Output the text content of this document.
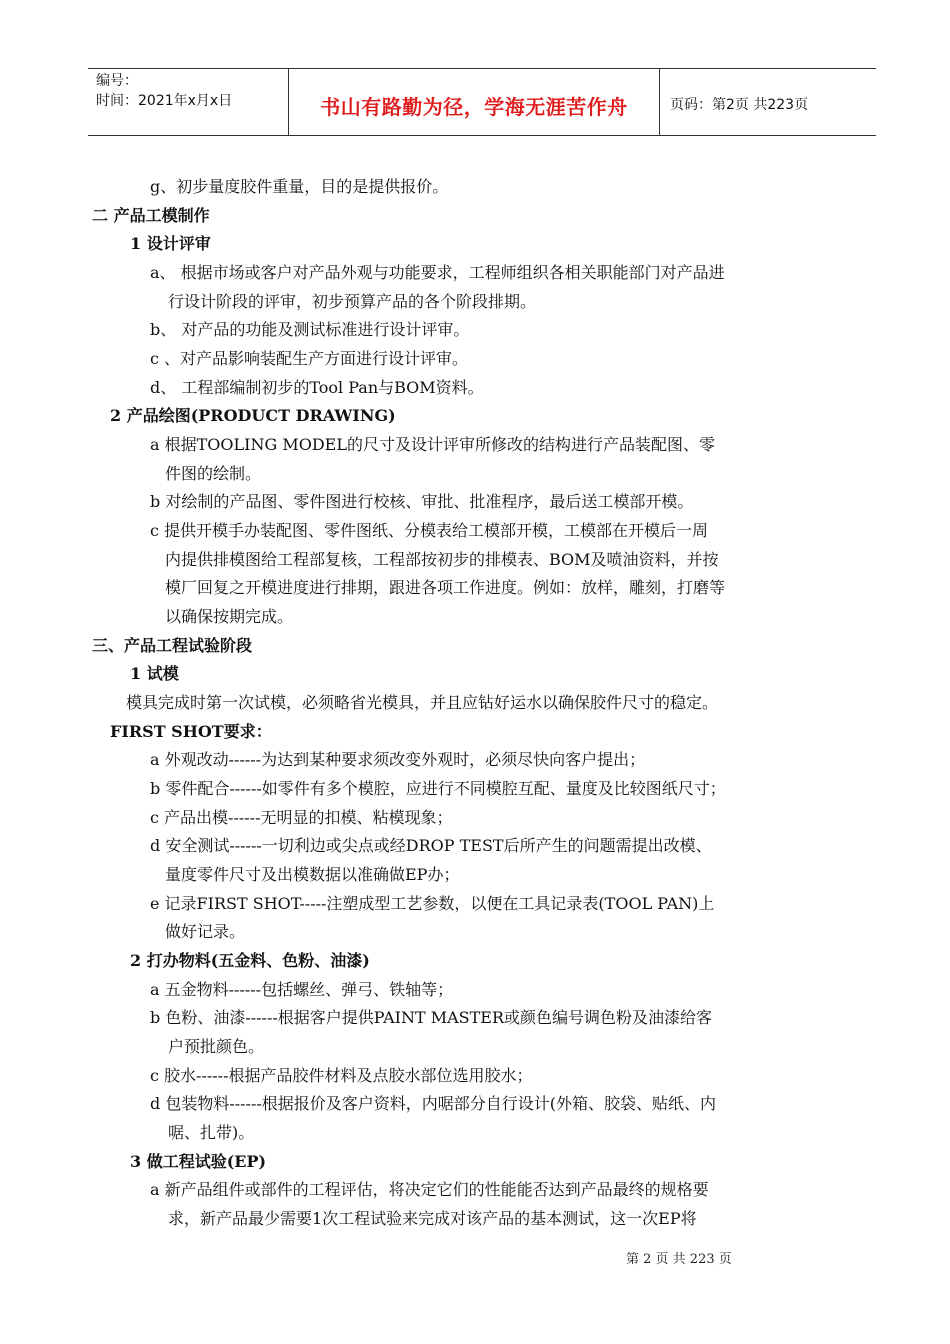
编号：
时间：2021年x月x日	书山有路勤为径，学海无涯苦作舟	页码：第2页 共223页
g、初步量度胶件重量，目的是提供报价。
二 产品工模制作
1 设计评审
a、 根据市场或客户对产品外观与功能要求，工程师组织各相关职能部门对产品进
行设计阶段的评审，初步预算产品的各个阶段排期。
b、 对产品的功能及测试标准进行设计评审。
c 、对产品影响装配生产方面进行设计评审。
d、 工程部编制初步的Tool Pan与BOM资料。
2 产品绘图(PRODUCT DRAWING)
a 根据TOOLING MODEL的尺寸及设计评审所修改的结构进行产品装配图、零
件图的绘制。
b 对绘制的产品图、零件图进行校核、审批、批准程序，最后送工模部开模。
c 提供开模手办装配图、零件图纸、分模表给工模部开模，工模部在开模后一周
内提供排模图给工程部复核，工程部按初步的排模表、BOM及喷油资料，并按
模厂回复之开模进度进行排期，跟进各项工作进度。例如：放样，雕刻，打磨等
以确保按期完成。
三、产品工程试验阶段
1 试模
模具完成时第一次试模，必须略省光模具，并且应钻好运水以确保胶件尺寸的稳定。
FIRST SHOT要求：
a 外观改动------为达到某种要求须改变外观时，必须尽快向客户提出；
b 零件配合------如零件有多个模腔，应进行不同模腔互配、量度及比较图纸尺寸；
c 产品出模------无明显的扣模、粘模现象；
d 安全测试------一切利边或尖点或经DROP TEST后所产生的问题需提出改模、
量度零件尺寸及出模数据以准确做EP办；
e 记录FIRST SHOT-----注塑成型工艺参数，以便在工具记录表(TOOL PAN)上
做好记录。
2 打办物料(五金料、色粉、油漆)
a 五金物料------包括螺丝、弹弓、铁轴等；
b 色粉、油漆------根据客户提供PAINT MASTER或颜色编号调色粉及油漆给客
户预批颜色。
c 胶水------根据产品胶件材料及点胶水部位选用胶水；
d 包装物料------根据报价及客户资料，内啹部分自行设计(外箱、胶袋、贴纸、内
啹、扎带)。
3 做工程试验(EP)
a 新产品组件或部件的工程评估，将决定它们的性能能否达到产品最终的规格要
求，新产品最少需要1次工程试验来完成对该产品的基本测试，这一次EP将
第 2 页 共 223 页
